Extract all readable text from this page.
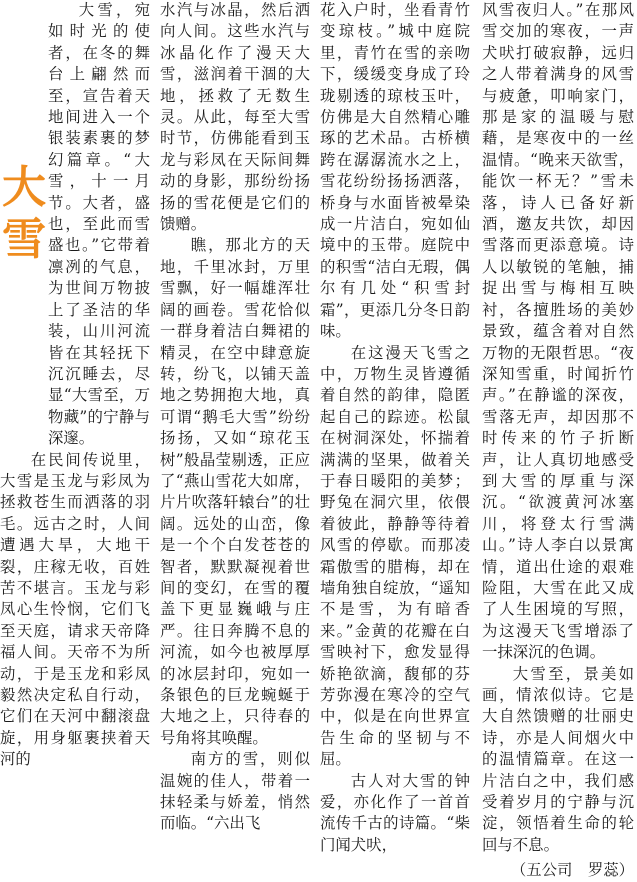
大
雪

大雪，宛如时光的使者，在冬的舞台上翩然而至，宣告着天地间进入一个银装素裹的梦幻篇章。“大雪，十一月节。大者，盛也，至此而雪盛也。”它带着凛冽的气息，为世间万物披上了圣洁的华装，山川河流皆在其轻抚下沉沉睡去，尽显“大雪至，万物藏”的宁静与深邃。

在民间传说里，大雪是玉龙与彩凤为拯救苍生而洒落的羽毛。远古之时，人间遭遇大旱，大地干裂，庄稼无收，百姓苦不堪言。玉龙与彩凤心生怜悯，它们飞至天庭，请求天帝降福人间。天帝不为所动，于是玉龙和彩凤毅然决定私自行动，它们在天河中翻滚盘旋，用身躯裹挟着天河的

水汽与冰晶，然后洒向人间。这些水汽与冰晶化作了漫天大雪，滋润着干涸的大地，拯救了无数生灵。从此，每至大雪时节，仿佛能看到玉龙与彩凤在天际间舞动的身影，那纷纷扬扬的雪花便是它们的馈赠。

瞧，那北方的天地，千里冰封，万里雪飘，好一幅雄浑壮阔的画卷。雪花恰似一群身着洁白舞裙的精灵，在空中肆意旋转，纷飞，以铺天盖地之势拥抱大地，真可谓“鹅毛大雪”纷纷扬扬，又如“琼花玉树”般晶莹剔透，正应了“燕山雪花大如席，片片吹落轩辕台”的壮阔。远处的山峦，像是一个个白发苍苍的智者，默默凝视着世间的变幻，在雪的覆盖下更显巍峨与庄严。往日奔腾不息的河流，如今也被厚厚的冰层封印，宛如一条银色的巨龙蜿蜒于大地之上，只待春的号角将其唤醒。

南方的雪，则似温婉的佳人，带着一抹轻柔与娇羞，悄然而临。“六出飞

花入户时，坐看青竹变琼枝。”城中庭院里，青竹在雪的亲吻下，缓缓变身成了玲珑剔透的琼枝玉叶，仿佛是大自然精心雕琢的艺术品。古桥横跨在潺潺流水之上，雪花纷纷扬扬洒落，桥身与水面皆被晕染成一片洁白，宛如仙境中的玉带。庭院中的积雪“洁白无瑕，偶尔有几处“积雪封霜”，更添几分冬日韵味。

在这漫天飞雪之中，万物生灵皆遵循着自然的韵律，隐匿起自己的踪迹。松鼠在树洞深处，怀揣着满满的坚果，做着关于春日暖阳的美梦；野兔在洞穴里，依偎着彼此，静静等待着风雪的停歇。而那凌霜傲雪的腊梅，却在墙角独自绽放，“遥知不是雪，为有暗香来。”金黄的花瓣在白雪映衬下，愈发显得娇艳欲滴，馥郁的芬芳弥漫在寒冷的空气中，似是在向世界宣告生命的坚韧与不屈。

古人对大雪的钟爱，亦化作了一首首流传千古的诗篇。“柴门闻犬吠，

风雪夜归人。”在那风雪交加的寒夜，一声犬吠打破寂静，远归之人带着满身的风雪与疲惫，叩响家门，那是家的温暖与慰藉，是寒夜中的一丝温情。“晚来天欲雪，能饮一杯无？”雪未落，诗人已备好新酒，邀友共饮，却因雪落而更添意境。诗人以敏锐的笔触，捕捉出雪与梅相互映衬，各擅胜场的美妙景致，蕴含着对自然万物的无限哲思。“夜深知雪重，时闻折竹声。”在静谧的深夜，雪落无声，却因那不时传来的竹子折断声，让人真切地感受到大雪的厚重与深沉。“欲渡黄河冰塞川，将登太行雪满山。”诗人李白以景寓情，道出仕途的艰难险阻，大雪在此又成了人生困境的写照，为这漫天飞雪增添了一抹深沉的色调。

大雪至，景美如画，情浓似诗。它是大自然馈赠的壮丽史诗，亦是人间烟火中的温情篇章。在这一片洁白之中，我们感受着岁月的宁静与沉淀，领悟着生命的轮回与不息。

（五公司　罗蕊）
